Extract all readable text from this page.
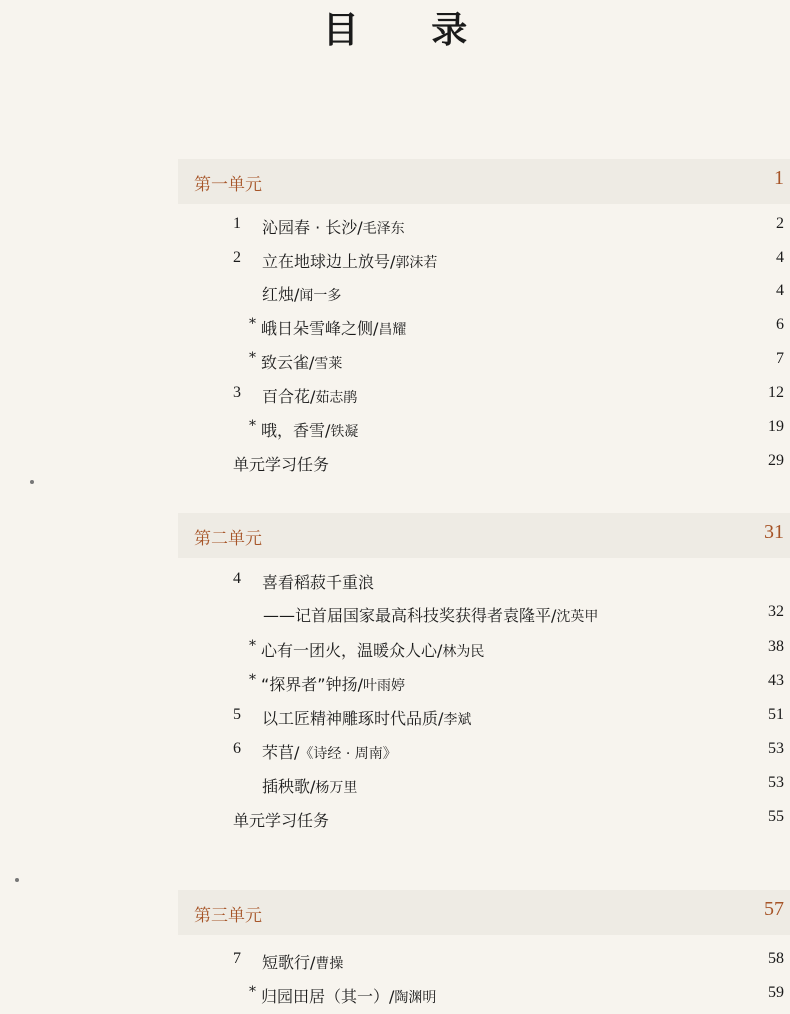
目 录
第一单元	1
1 沁园春 · 长沙/毛泽东	2
2 立在地球边上放号/郭沫若	4
红烛/闻一多	4
* 峨日朵雪峰之侧/昌耀	6
* 致云雀/雪莱	7
3 百合花/茹志鹃	12
* 哦，香雪/铁凝	19
单元学习任务	29
第二单元	31
4 喜看稻菽千重浪
——记首届国家最高科技奖获得者袁隆平/沈英甲	32
* 心有一团火，温暖众人心/林为民	38
* “探界者”钟扬/叶雨婷	43
5 以工匠精神雕琢时代品质/李斌	51
6 芣苢/《诗经 · 周南》	53
插秧歌/杨万里	53
单元学习任务	55
第三单元	57
7 短歌行/曹操	58
* 归园田居（其一）/陶渊明	59
